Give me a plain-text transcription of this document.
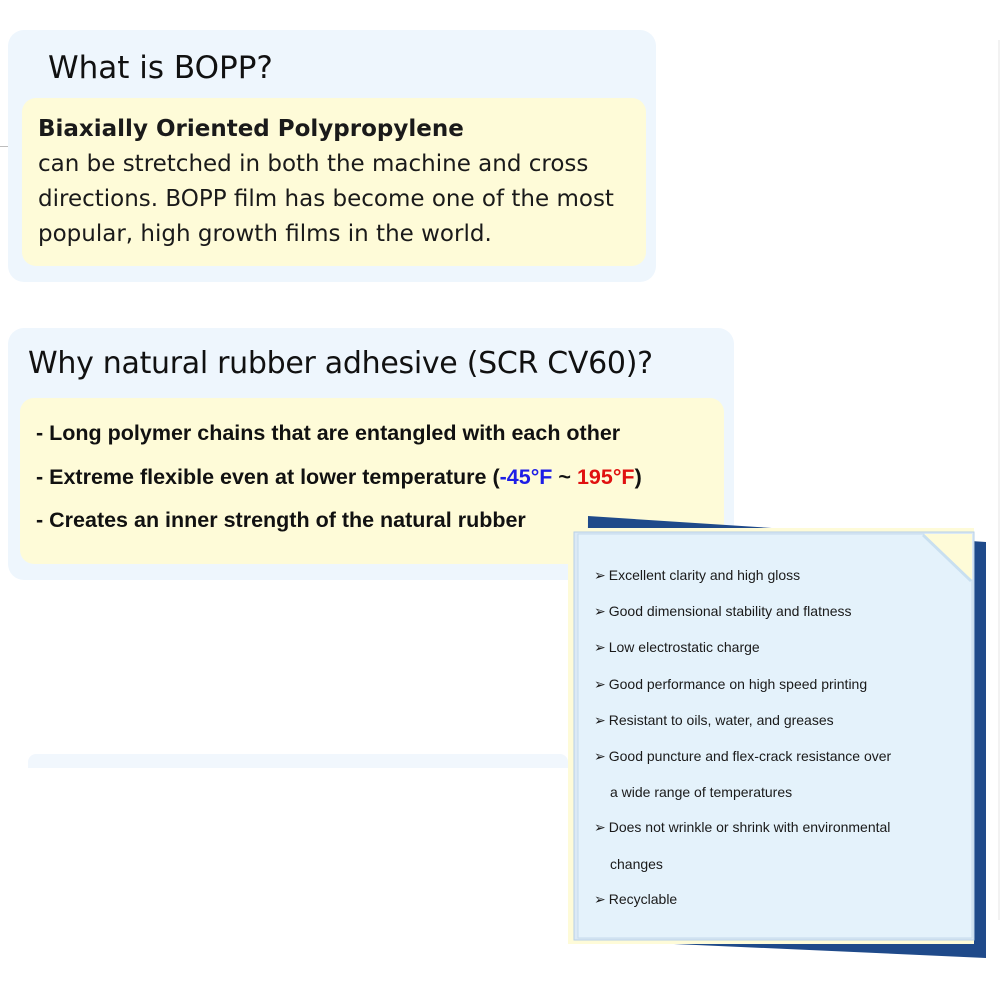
What is BOPP?
Biaxially Oriented Polypropylene
can be stretched in both the machine and cross directions. BOPP film has become one of the most popular, high growth films in the world.
Why natural rubber adhesive (SCR CV60)?
- Long polymer chains that are entangled with each other
- Extreme flexible even at lower temperature (-45°F ~ 195°F)
- Creates an inner strength of the natural rubber
➢ Excellent clarity and high gloss
➢ Good dimensional stability and flatness
➢ Low electrostatic charge
➢ Good performance on high speed printing
➢ Resistant to oils, water, and greases
➢ Good puncture and flex-crack resistance over
a wide range of temperatures
➢ Does not wrinkle or shrink with environmental
changes
➢ Recyclable
